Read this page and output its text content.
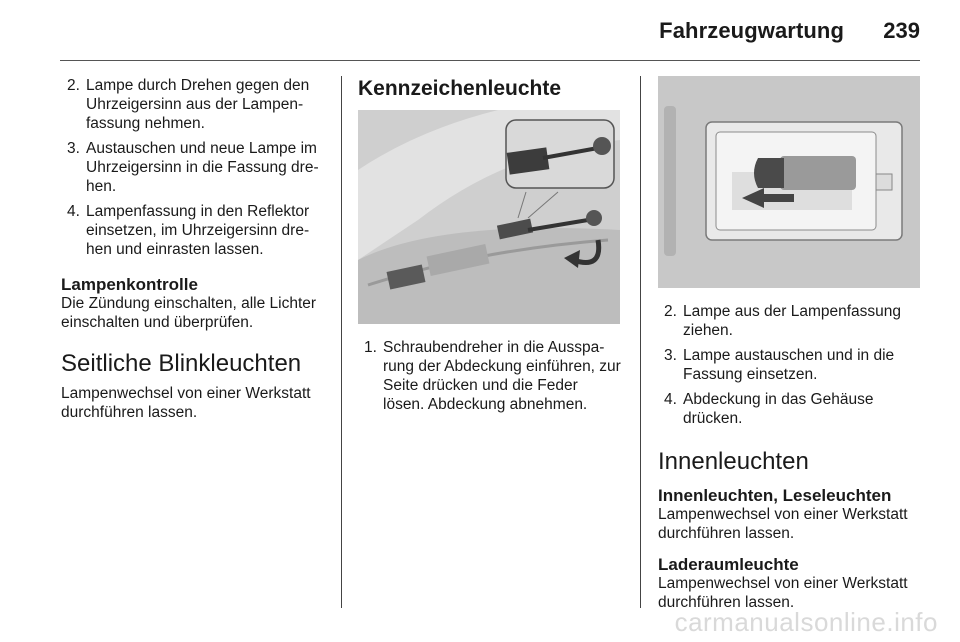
Fahrzeugwartung 239
2. Lampe durch Drehen gegen den Uhrzeigersinn aus der Lampenfassung nehmen.
3. Austauschen und neue Lampe im Uhrzeigersinn in die Fassung drehen.
4. Lampenfassung in den Reflektor einsetzen, im Uhrzeigersinn drehen und einrasten lassen.
Lampenkontrolle

Die Zündung einschalten, alle Lichter einschalten und überprüfen.

Seitliche Blinkleuchten

Lampenwechsel von einer Werkstatt durchführen lassen.

Kennzeichenleuchte
1. Schraubendreher in die Aussparung der Abdeckung einführen, zur Seite drücken und die Feder lösen. Abdeckung abnehmen.
2. Lampe aus der Lampenfassung ziehen.
3. Lampe austauschen und in die Fassung einsetzen.
4. Abdeckung in das Gehäuse drücken.
Innenleuchten
Innenleuchten, Leseleuchten

Lampenwechsel von einer Werkstatt durchführen lassen.

Laderaumleuchte

Lampenwechsel von einer Werkstatt durchführen lassen.

carmanualsonline.info
